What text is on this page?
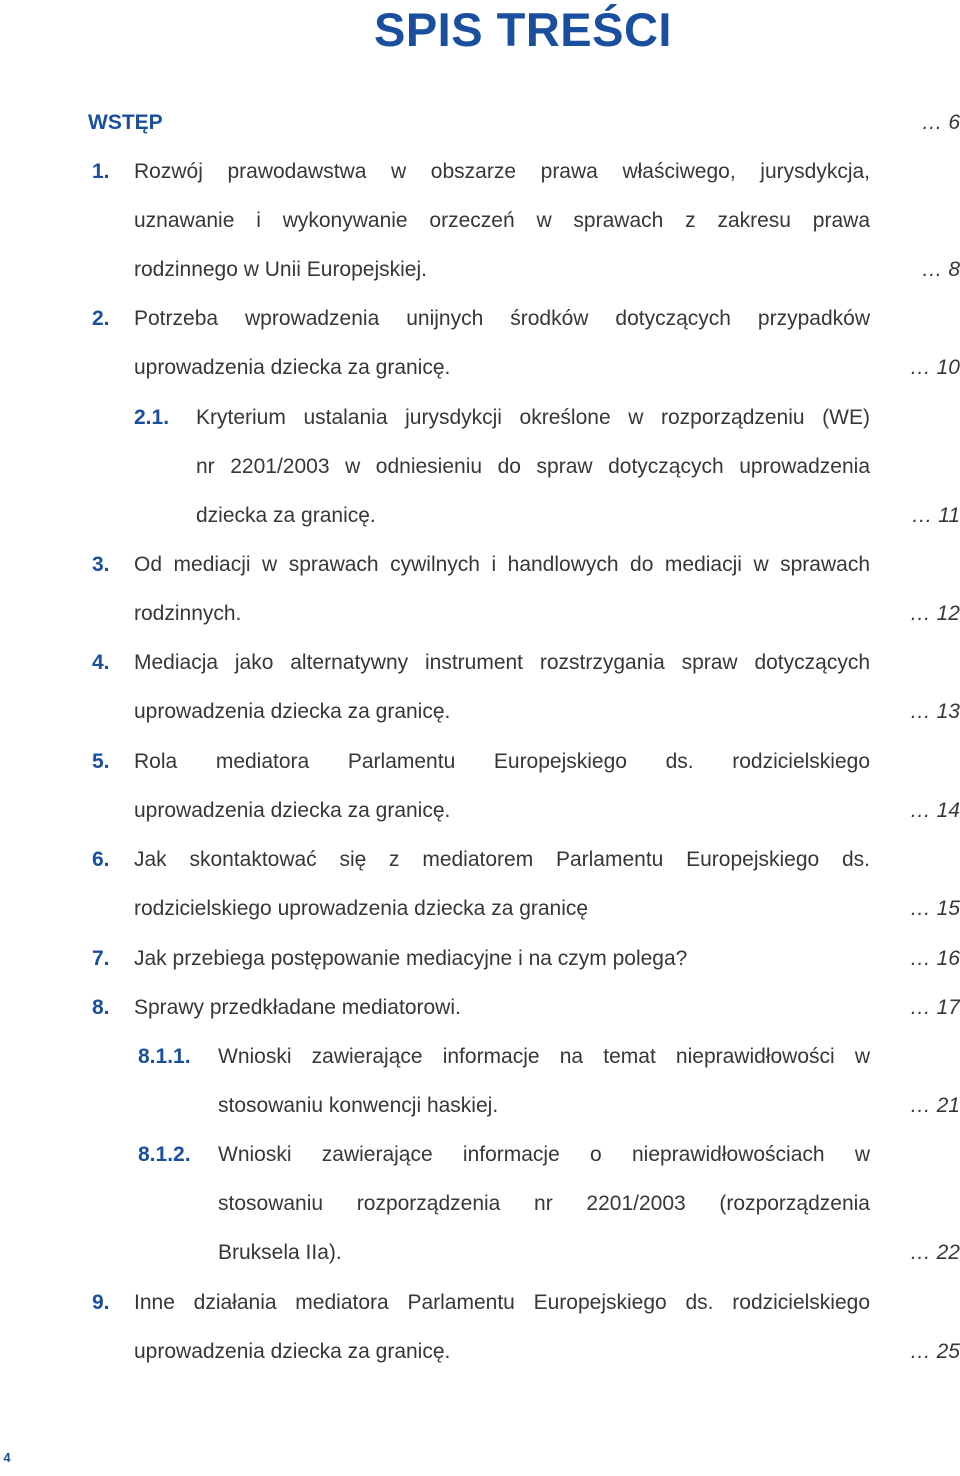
SPIS TREŚCI
WSTĘP	… 6
1. Rozwój prawodawstwa w obszarze prawa właściwego, jurysdykcja,
uznawanie i wykonywanie orzeczeń w sprawach z zakresu prawa
rodzinnego w Unii Europejskiej.	… 8
2. Potrzeba wprowadzenia unijnych środków dotyczących przypadków
uprowadzenia dziecka za granicę.	… 10
2.1. Kryterium ustalania jurysdykcji określone w rozporządzeniu (WE)
nr 2201/2003 w odniesieniu do spraw dotyczących uprowadzenia
dziecka za granicę.	… 11
3. Od mediacji w sprawach cywilnych i handlowych do mediacji w sprawach
rodzinnych.	… 12
4. Mediacja jako alternatywny instrument rozstrzygania spraw dotyczących
uprowadzenia dziecka za granicę.	… 13
5. Rola mediatora Parlamentu Europejskiego ds. rodzicielskiego
uprowadzenia dziecka za granicę.	… 14
6. Jak skontaktować się z mediatorem Parlamentu Europejskiego ds.
rodzicielskiego uprowadzenia dziecka za granicę	… 15
7. Jak przebiega postępowanie mediacyjne i na czym polega?	… 16
8. Sprawy przedkładane mediatorowi.	… 17
8.1.1. Wnioski zawierające informacje na temat nieprawidłowości w
stosowaniu konwencji haskiej.	… 21
8.1.2. Wnioski zawierające informacje o nieprawidłowościach w
stosowaniu rozporządzenia nr 2201/2003 (rozporządzenia
Bruksela IIa).	… 22
9. Inne działania mediatora Parlamentu Europejskiego ds. rodzicielskiego
uprowadzenia dziecka za granicę.	… 25
4
